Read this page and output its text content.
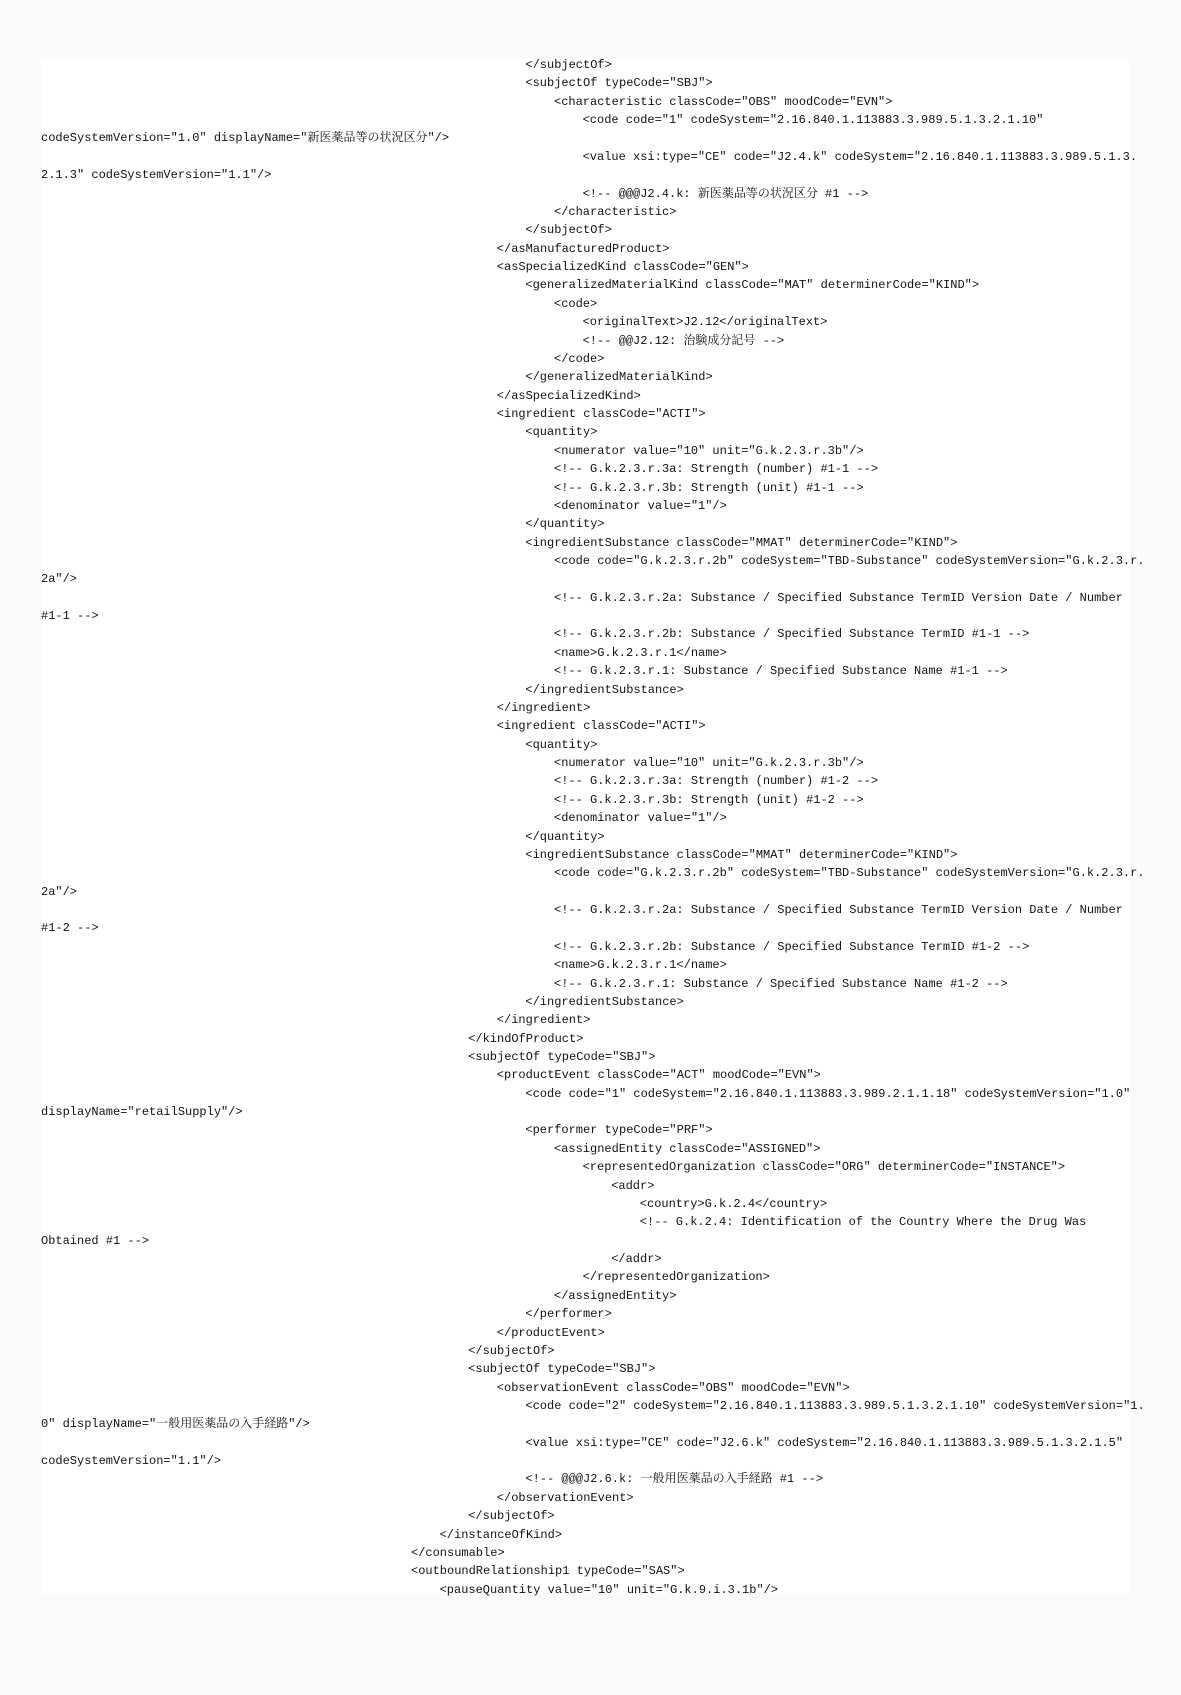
</subjectOf>
<subjectOf typeCode="SBJ">
<characteristic classCode="OBS" moodCode="EVN">
<code code="1" codeSystem="2.16.840.1.113883.3.989.5.1.3.2.1.10"
codeSystemVersion="1.0" displayName="新医薬品等の状況区分"/>
<value xsi:type="CE" code="J2.4.k" codeSystem="2.16.840.1.113883.3.989.5.1.3.
2.1.3" codeSystemVersion="1.1"/>
<!-- @@@J2.4.k: 新医薬品等の状況区分 #1 -->
</characteristic>
</subjectOf>
</asManufacturedProduct>
<asSpecializedKind classCode="GEN">
<generalizedMaterialKind classCode="MAT" determinerCode="KIND">
<code>
<originalText>J2.12</originalText>
<!-- @@J2.12: 治験成分記号 -->
</code>
</generalizedMaterialKind>
</asSpecializedKind>
<ingredient classCode="ACTI">
<quantity>
<numerator value="10" unit="G.k.2.3.r.3b"/>
<!-- G.k.2.3.r.3a: Strength (number) #1-1 -->
<!-- G.k.2.3.r.3b: Strength (unit) #1-1 -->
<denominator value="1"/>
</quantity>
<ingredientSubstance classCode="MMAT" determinerCode="KIND">
<code code="G.k.2.3.r.2b" codeSystem="TBD-Substance" codeSystemVersion="G.k.2.3.r.
2a"/>
<!-- G.k.2.3.r.2a: Substance / Specified Substance TermID Version Date / Number
#1-1 -->
<!-- G.k.2.3.r.2b: Substance / Specified Substance TermID #1-1 -->
<name>G.k.2.3.r.1</name>
<!-- G.k.2.3.r.1: Substance / Specified Substance Name #1-1 -->
</ingredientSubstance>
</ingredient>
<ingredient classCode="ACTI">
<quantity>
<numerator value="10" unit="G.k.2.3.r.3b"/>
<!-- G.k.2.3.r.3a: Strength (number) #1-2 -->
<!-- G.k.2.3.r.3b: Strength (unit) #1-2 -->
<denominator value="1"/>
</quantity>
<ingredientSubstance classCode="MMAT" determinerCode="KIND">
<code code="G.k.2.3.r.2b" codeSystem="TBD-Substance" codeSystemVersion="G.k.2.3.r.
2a"/>
<!-- G.k.2.3.r.2a: Substance / Specified Substance TermID Version Date / Number
#1-2 -->
<!-- G.k.2.3.r.2b: Substance / Specified Substance TermID #1-2 -->
<name>G.k.2.3.r.1</name>
<!-- G.k.2.3.r.1: Substance / Specified Substance Name #1-2 -->
</ingredientSubstance>
</ingredient>
</kindOfProduct>
<subjectOf typeCode="SBJ">
<productEvent classCode="ACT" moodCode="EVN">
<code code="1" codeSystem="2.16.840.1.113883.3.989.2.1.1.18" codeSystemVersion="1.0"
displayName="retailSupply"/>
<performer typeCode="PRF">
<assignedEntity classCode="ASSIGNED">
<representedOrganization classCode="ORG" determinerCode="INSTANCE">
<addr>
<country>G.k.2.4</country>
<!-- G.k.2.4: Identification of the Country Where the Drug Was
Obtained #1 -->
</addr>
</representedOrganization>
</assignedEntity>
</performer>
</productEvent>
</subjectOf>
<subjectOf typeCode="SBJ">
<observationEvent classCode="OBS" moodCode="EVN">
<code code="2" codeSystem="2.16.840.1.113883.3.989.5.1.3.2.1.10" codeSystemVersion="1.
0" displayName="一般用医薬品の入手経路"/>
<value xsi:type="CE" code="J2.6.k" codeSystem="2.16.840.1.113883.3.989.5.1.3.2.1.5"
codeSystemVersion="1.1"/>
<!-- @@@J2.6.k: 一般用医薬品の入手経路 #1 -->
</observationEvent>
</subjectOf>
</instanceOfKind>
</consumable>
<outboundRelationship1 typeCode="SAS">
<pauseQuantity value="10" unit="G.k.9.i.3.1b"/>
